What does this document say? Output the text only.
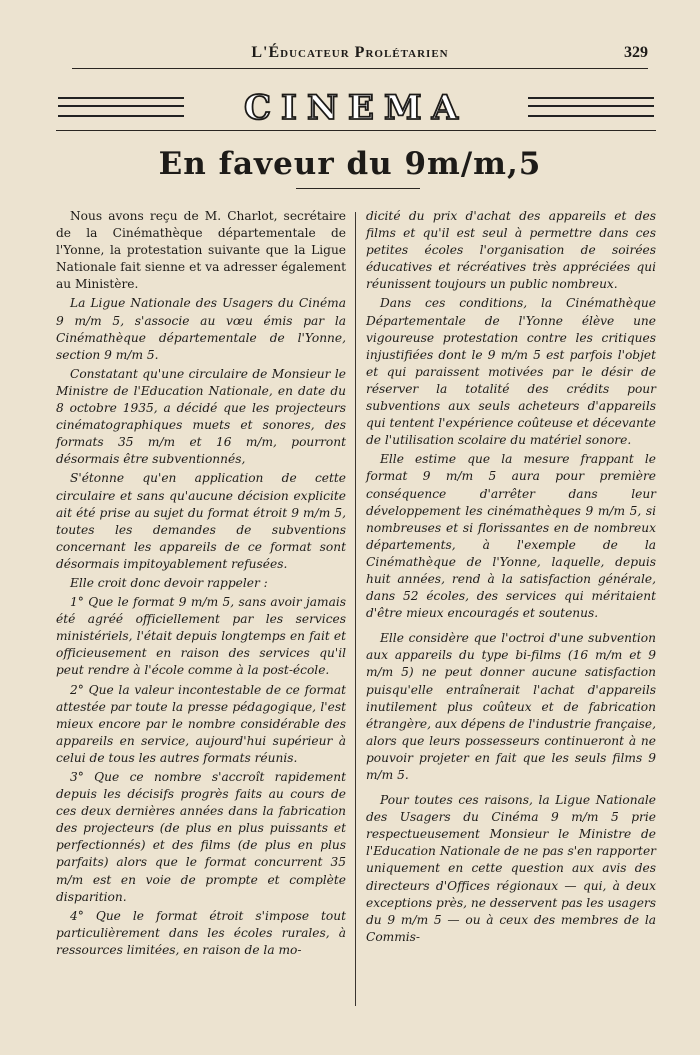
L'Éducateur Prolétarien	329
CINEMA
En faveur du 9m/m,5

Nous avons reçu de M. Charlot, secrétaire de la Cinémathèque départementale de l'Yonne, la protestation suivante que la Ligue Nationale fait sienne et va adresser également au Ministère.

La Ligue Nationale des Usagers du Cinéma 9 m/m 5, s'associe au vœu émis par la Cinémathèque départementale de l'Yonne, section 9 m/m 5.

Constatant qu'une circulaire de Monsieur le Ministre de l'Education Nationale, en date du 8 octobre 1935, a décidé que les projecteurs cinématographiques muets et sonores, des formats 35 m/m et 16 m/m, pourront désormais être subventionnés,

S'étonne qu'en application de cette circulaire et sans qu'aucune décision explicite ait été prise au sujet du format étroit 9 m/m 5, toutes les demandes de subventions concernant les appareils de ce format sont désormais impitoyablement refusées.

Elle croit donc devoir rappeler :

1° Que le format 9 m/m 5, sans avoir jamais été agréé officiellement par les services ministériels, l'était depuis longtemps en fait et officieusement en raison des services qu'il peut rendre à l'école comme à la post-école.

2° Que la valeur incontestable de ce format attestée par toute la presse pédagogique, l'est mieux encore par le nombre considérable des appareils en service, aujourd'hui supérieur à celui de tous les autres formats réunis.

3° Que ce nombre s'accroît rapidement depuis les décisifs progrès faits au cours de ces deux dernières années dans la fabrication des projecteurs (de plus en plus puissants et perfectionnés) et des films (de plus en plus parfaits) alors que le format concurrent 35 m/m est en voie de prompte et complète disparition.

4° Que le format étroit s'impose tout particulièrement dans les écoles rurales, à ressources limitées, en raison de la mo-

dicité du prix d'achat des appareils et des films et qu'il est seul à permettre dans ces petites écoles l'organisation de soirées éducatives et récréatives très appréciées qui réunissent toujours un public nombreux.

Dans ces conditions, la Cinémathèque Départementale de l'Yonne élève une vigoureuse protestation contre les critiques injustifiées dont le 9 m/m 5 est parfois l'objet et qui paraissent motivées par le désir de réserver la totalité des crédits pour subventions aux seuls acheteurs d'appareils qui tentent l'expérience coûteuse et décevante de l'utilisation scolaire du matériel sonore.

Elle estime que la mesure frappant le format 9 m/m 5 aura pour première conséquence d'arrêter dans leur développement les cinémathèques 9 m/m 5, si nombreuses et si florissantes en de nombreux départements, à l'exemple de la Cinémathèque de l'Yonne, laquelle, depuis huit années, rend à la satisfaction générale, dans 52 écoles, des services qui méritaient d'être mieux encouragés et soutenus.

Elle considère que l'octroi d'une subvention aux appareils du type bi-films (16 m/m et 9 m/m 5) ne peut donner aucune satisfaction puisqu'elle entraînerait l'achat d'appareils inutilement plus coûteux et de fabrication étrangère, aux dépens de l'industrie française, alors que leurs possesseurs continueront à ne pouvoir projeter en fait que les seuls films 9 m/m 5.

Pour toutes ces raisons, la Ligue Nationale des Usagers du Cinéma 9 m/m 5 prie respectueusement Monsieur le Ministre de l'Education Nationale de ne pas s'en rapporter uniquement en cette question aux avis des directeurs d'Offices régionaux — qui, à deux exceptions près, ne desservent pas les usagers du 9 m/m 5 — ou à ceux des membres de la Commis-
